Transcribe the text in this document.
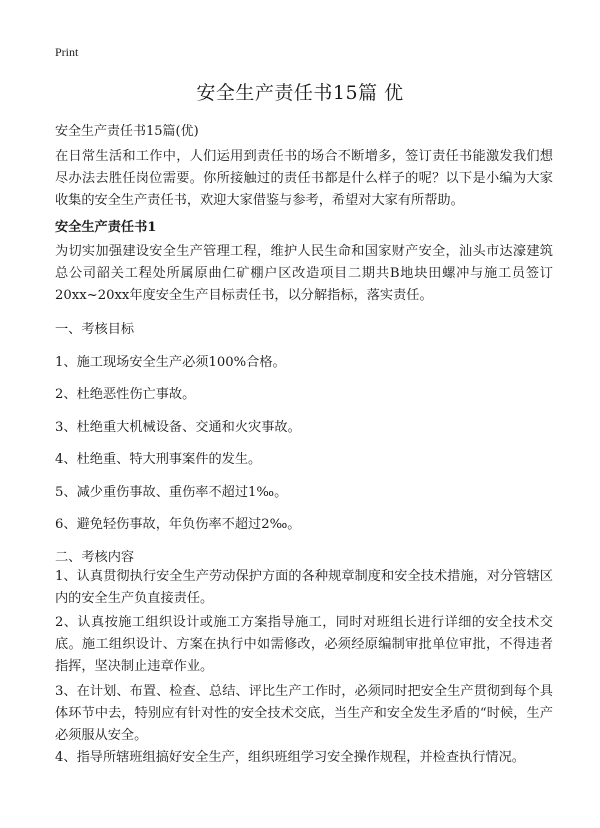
Print
安全生产责任书15篇 优
安全生产责任书15篇(优)

在日常生活和工作中，人们运用到责任书的场合不断增多，签订责任书能激发我们想尽办法去胜任岗位需要。你所接触过的责任书都是什么样子的呢？以下是小编为大家收集的安全生产责任书，欢迎大家借鉴与参考，希望对大家有所帮助。

安全生产责任书1

为切实加强建设安全生产管理工程，维护人民生命和国家财产安全，汕头市达濠建筑总公司韶关工程处所属原曲仁矿棚户区改造项目二期共B地块田螺冲与施工员签订20xx~20xx年度安全生产目标责任书，以分解指标，落实责任。

一、考核目标
1、施工现场安全生产必须100%合格。
2、杜绝恶性伤亡事故。
3、杜绝重大机械设备、交通和火灾事故。
4、杜绝重、特大刑事案件的发生。
5、减少重伤事故、重伤率不超过1‰。
6、避免轻伤事故，年负伤率不超过2‰。
二、考核内容

1、认真贯彻执行安全生产劳动保护方面的各种规章制度和安全技术措施，对分管辖区内的安全生产负直接责任。

2、认真按施工组织设计或施工方案指导施工，同时对班组长进行详细的安全技术交底。施工组织设计、方案在执行中如需修改，必须经原编制审批单位审批，不得违者指挥，坚决制止违章作业。

3、在计划、布置、检查、总结、评比生产工作时，必须同时把安全生产贯彻到每个具体环节中去，特别应有针对性的安全技术交底，当生产和安全发生矛盾的“时候，生产必须服从安全。

4、指导所辖班组搞好安全生产，组织班组学习安全操作规程，并检查执行情况。
